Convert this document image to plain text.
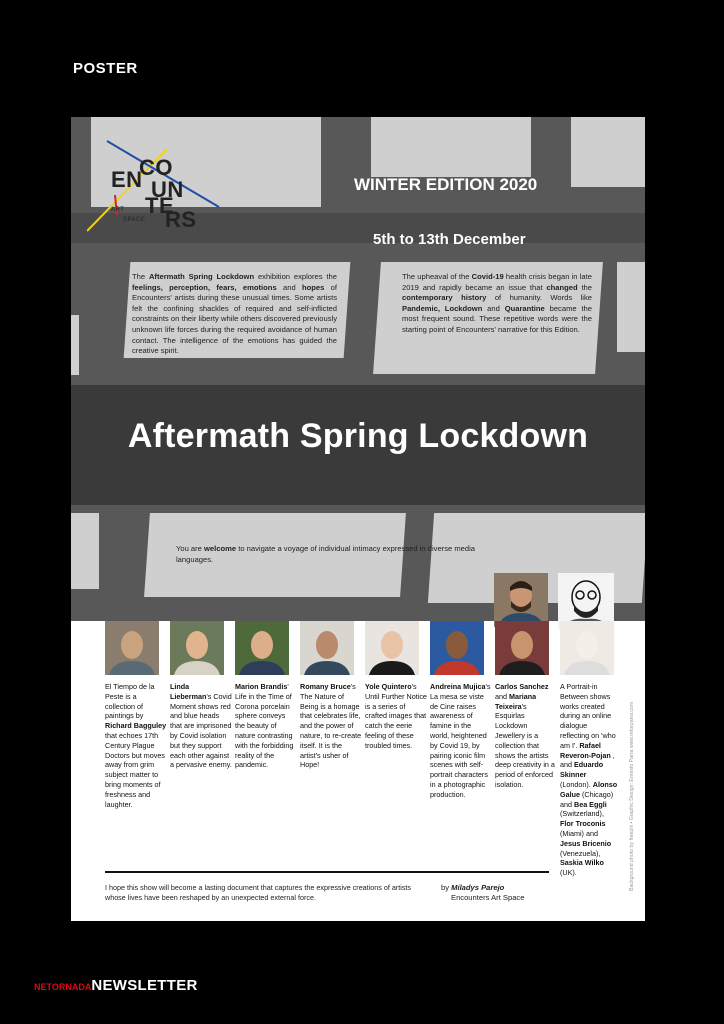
POSTER
EN
CO
UN
TE
RS
ART
SPACE
WINTER EDITION 2020
5th to 13th December
The Aftermath Spring Lockdown exhibition explores the feelings, perception, fears, emotions and hopes of Encounters' artists during these unusual times. Some artists felt the confining shackles of required and self-inflicted constraints on their liberty while others discovered previously unknown life forces during the required avoidance of human contact. The intelligence of the emotions has guided the creative spirit.
The upheaval of the Covid-19 health crisis began in late 2019 and rapidly became an issue that changed the contemporary history of humanity. Words like Pandemic, Lockdown and Quarantine became the most frequent sound. These repetitive words were the starting point of Encounters' narrative for this Edition.
Aftermath Spring Lockdown
You are welcome to navigate a voyage of individual intimacy expressed in diverse media languages.
El Tiempo de la Peste is a collection of paintings by Richard Bagguley that echoes 17th Century Plague Doctors but moves away from grim subject matter to bring moments of freshness and laughter.
Linda Lieberman's Covid Moment shows red and blue heads that are imprisoned by Covid isolation but they support each other against a pervasive enemy.
Marion Brandis' Life in the Time of Corona porcelain sphere conveys the beauty of nature contrasting with the forbidding reality of the pandemic.
Romany Bruce's The Nature of Being is a homage that celebrates life, and the power of nature, to re-create itself. It is the artist's usher of Hope!
Yole Quintero's Until Further Notice is a series of crafted images that catch the eerie feeling of these troubled times.
Andreina Mujica's La mesa se viste de Cine raises awareness of famine in the world, heightened by Covid 19, by pairing iconic film scenes with self-portrait characters in a photographic production.
Carlos Sanchez and Mariana Teixeira's Esquirlas Lockdown Jewellery is a collection that shows the artists deep creativity in a period of enforced isolation.
A Portrait-in Between shows works created during an online dialogue reflecting on 'who am I'. Rafael Reveron-Pojan , and Eduardo Skinner (London). Alonso Galue (Chicago) and Bea Eggli (Switzerland), Flor Troconis (Miami) and Jesus Bricenio (Venezuela), Saskia Wilko (UK).	Background photo by freepik • Graphic Design: Ernesto Parra www.retorparra.com
I hope this show will become a lasting document that captures the expressive creations of artists whose lives have been reshaped by an unexpected external force.
by Miladys Parejo
Encounters Art Space
NETORNADANEWSLETTER
